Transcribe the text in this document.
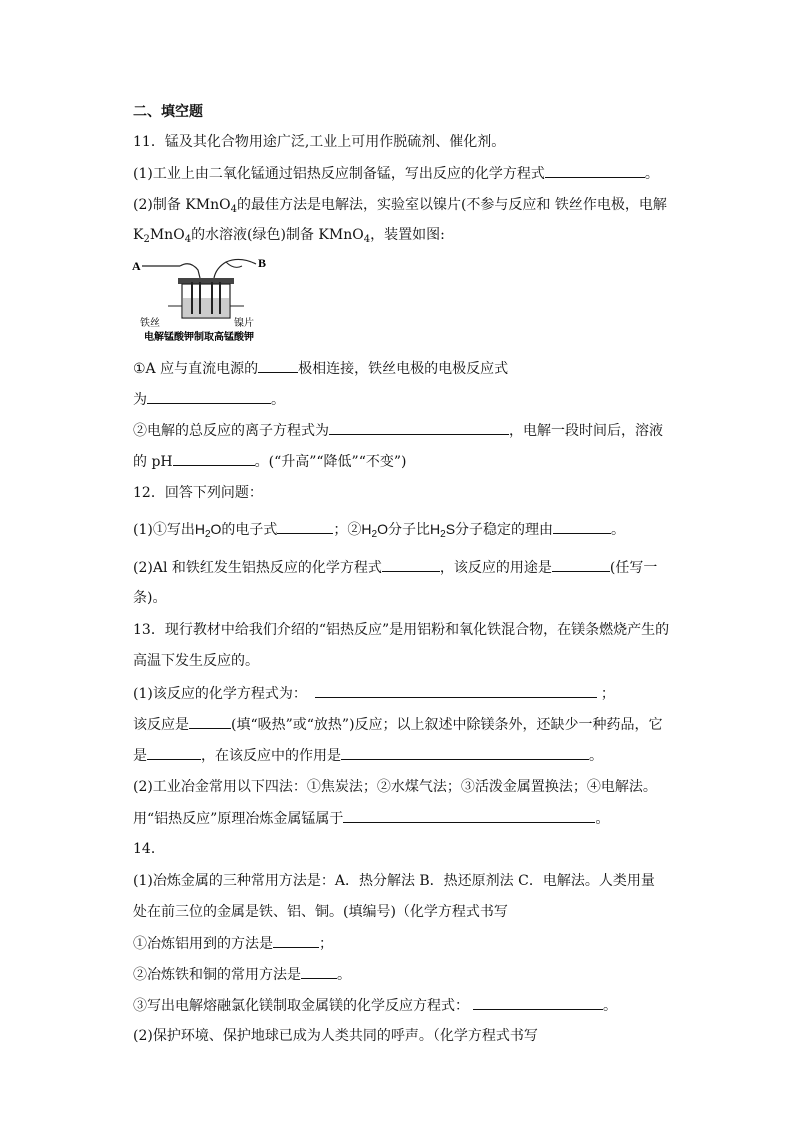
二、填空题
11．锰及其化合物用途广泛,工业上可用作脱硫剂、催化剂。
(1)工业上由二氧化锰通过铝热反应制备锰，写出反应的化学方程式	。
(2)制备 KMnO$_4$的最佳方法是电解法，实验室以镍片(不参与反应和 铁丝作电极，电解
$K_2MnO_4$的水溶液(绿色)制备 KMnO$_4$，装置如图:
A	B
铁丝	镍片
电解锰酸钾制取高锰酸钾
①A 应与直流电源的	极相连接，铁丝电极的电极反应式
为	。
②电解的总反应的离子方程式为	，电解一段时间后，溶液
的 pH	。(“升高”“降低”“不变”)
12．回答下列问题：
(1)①写出$H_2O$的电子式	；$②H_2O$分子比$H_2S$分子稳定的理由	。
(2)Al 和铁红发生铝热反应的化学方程式	，该反应的用途是	(任写一
条)。
13．现行教材中给我们介绍的“铝热反应”是用铝粉和氧化铁混合物，在镁条燃烧产生的
高温下发生反应的。
(1)该反应的化学方程式为：	；
该反应是	(填“吸热”或“放热”)反应；以上叙述中除镁条外，还缺少一种药品，它
是	，在该反应中的作用是	。
(2)工业冶金常用以下四法：①焦炭法；②水煤气法；③活泼金属置换法；④电解法。
用“铝热反应”原理冶炼金属锰属于	。
14．
(1)冶炼金属的三种常用方法是：A．热分解法 B．热还原剂法 C．电解法。人类用量
处在前三位的金属是铁、铝、铜。(填编号)（化学方程式书写
①冶炼铝用到的方法是	；
②冶炼铁和铜的常用方法是	。
③写出电解熔融氯化镁制取金属镁的化学反应方程式：	。
(2)保护环境、保护地球已成为人类共同的呼声。（化学方程式书写
